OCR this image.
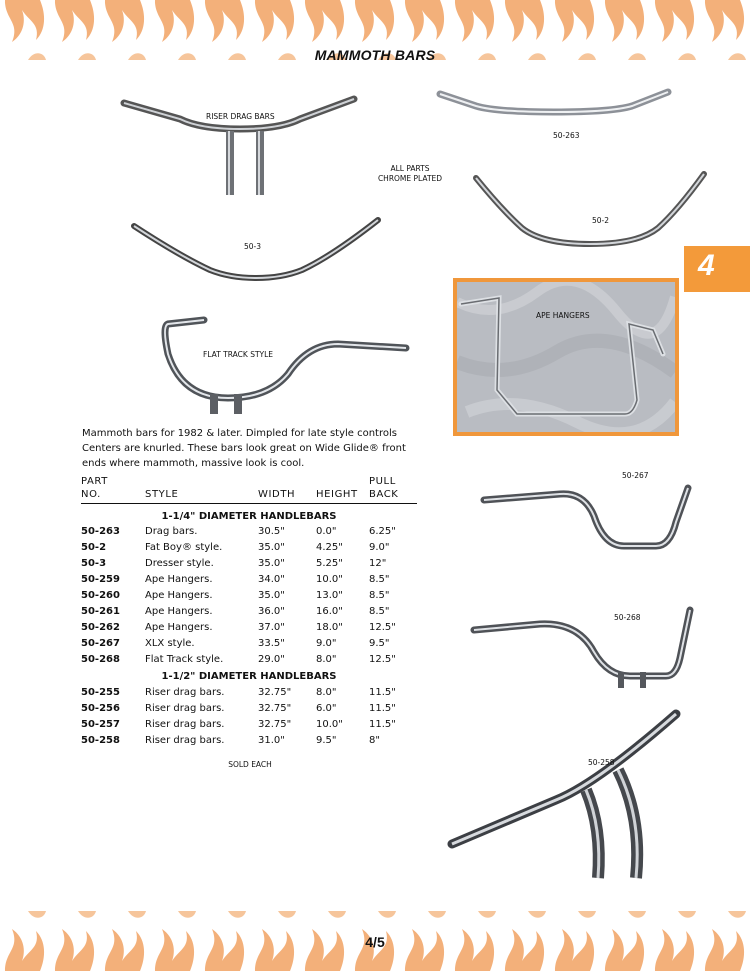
MAMMOTH BARS
4
RISER DRAG BARS
50-263
ALL PARTS
CHROME PLATED
50-2
50-3
FLAT TRACK STYLE
APE HANGERS
50-267
50-268
50-258
Mammoth bars for 1982 & later. Dimpled for late style controls Centers are knurled. These bars look great on Wide Glide® front ends where mammoth, massive look is cool.
PART
NO.	STYLE	WIDTH HEIGHT
PULL
BACK
1-1/4" DIAMETER HANDLEBARS
50-263	Drag bars.	30.5"	0.0"	6.25"
50-2	Fat Boy® style.	35.0"	4.25"	9.0"
50-3	Dresser style.	35.0"	5.25"	12"
50-259	Ape Hangers.	34.0"	10.0"	8.5"
50-260	Ape Hangers.	35.0"	13.0"	8.5"
50-261	Ape Hangers.	36.0"	16.0"	8.5"
50-262	Ape Hangers.	37.0"	18.0"	12.5"
50-267	XLX style.	33.5"	9.0"	9.5"
50-268	Flat Track style.	29.0"	8.0"	12.5"
1-1/2" DIAMETER HANDLEBARS
50-255	Riser drag bars.	32.75" 8.0"	11.5"
50-256	Riser drag bars.	32.75" 6.0"	11.5"
50-257	Riser drag bars.	32.75" 10.0"	11.5"
50-258	Riser drag bars.	31.0"	9.5"	8"
SOLD EACH
4/5
